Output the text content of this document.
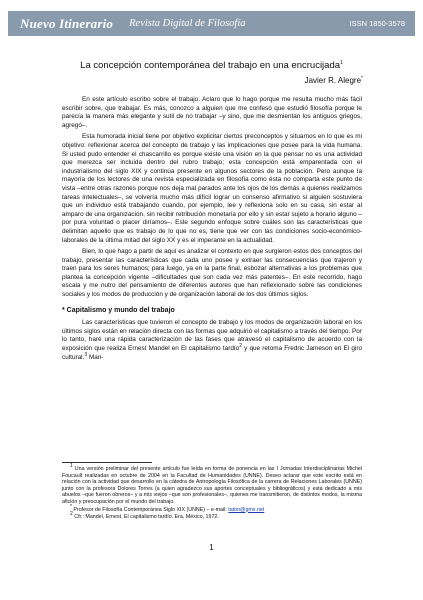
Nuevo Itinerario Revista Digital de Filosofía	ISSN 1850-3578
La concepción contemporánea del trabajo en una encrucijada$^1$
Javier R. Alegre*

En este artículo escribo sobre el trabajo. Aclaro que lo hago porque me resulta mucho más fácil escribir sobre, que trabajar. Es más, conozco a alguien que me confesó que estudió filosofía porque le parecía la manera más elegante y sutil de no trabajar –y sino, que me desmientan los antiguos griegos, agregó–.

Esta humorada inicial tiene por objetivo explicitar ciertos preconceptos y situarnos en lo que es mi objetivo: reflexionar acerca del concepto de trabajo y las implicaciones que posee para la vida humana. Si usted pudo entender el chascarrillo es porque existe una visión en la que pensar no es una actividad que merezca ser incluida dentro del rubro trabajo; esta concepción está emparentada con el industrialismo del siglo XIX y continúa presente en algunos sectores de la población. Pero aunque la mayoría de los lectores de una revista especializada en filosofía como ésta no comparta este punto de vista –entre otras razones porque nos deja mal parados ante los ojos de los demás a quienes realizamos tareas intelectuales–, se volvería mucho más difícil lograr un consenso afirmativo si alguien sostuviera que un individuo está trabajando cuando, por ejemplo, lee y reflexiona solo en su casa, sin estar al amparo de una organización, sin recibir retribución monetaria por ello y sin estar sujeto a horario alguno –por pura voluntad o placer diríamos–. Este segundo enfoque sobre cuáles son las características que delimitan aquello que es trabajo de lo que no es, tiene que ver con las condiciones socio-económico-laborales de la última mitad del siglo XX y es el imperante en la actualidad.

Bien, lo que hago a partir de aquí es analizar el contexto en que surgieron estos dos conceptos del trabajo, presentar las características que cada uno posee y extraer las consecuencias que trajeron y traen para los seres humanos; para luego, ya en la parte final, esbozar alternativas a los problemas que plantea la concepción vigente –dificultades que son cada vez más patentes–. En este recorrido, hago escala y me nutro del pensamiento de diferentes autores que han reflexionado sobre las condiciones sociales y los modos de producción y de organización laboral de los dos últimos siglos.

* Capitalismo y mundo del trabajo

Las características que tuvieron el concepto de trabajo y los modos de organización laboral en los últimos siglos están en relación directa con las formas que adquirió el capitalismo a través del tiempo. Por lo tanto, haré una rápida caracterización de las fases que atravesó el capitalismo de acuerdo con la exposición que realiza Ernest Mandel en El capitalismo tardío$^2$ y que retoma Fredric Jameson en El giro cultural.$^3$ Man-

$^1$ Una versión preliminar del presente artículo fue leída en forma de ponencia en las I Jornadas Interdisciplinarias Michel Foucault realizadas en octubre de 2004 en la Facultad de Humanidades (UNNE). Deseo aclarar que este escrito está en relación con la actividad que desarrollo en la cátedra de Antropología Filosófica de la carrera de Relaciones Laborales (UNNE) junto con la profesora Dolores Torres (a quien agradezco sus aportes conceptuales y bibliográficos) y está dedicado a mis abuelos –que fueron obreros– y a mis viejos –que son profesionales–, quienes me transmitieron, de distintos modos, la misma afición y preocupación por el mundo del trabajo.

* Profesor de Filosofía Contemporánea Siglo XIX (UNNE) – e-mail: taton@gmx.net

$^2$ Cfr.: Mandel, Ernest. El capitalismo tardío. Era, México, 1972.

1
